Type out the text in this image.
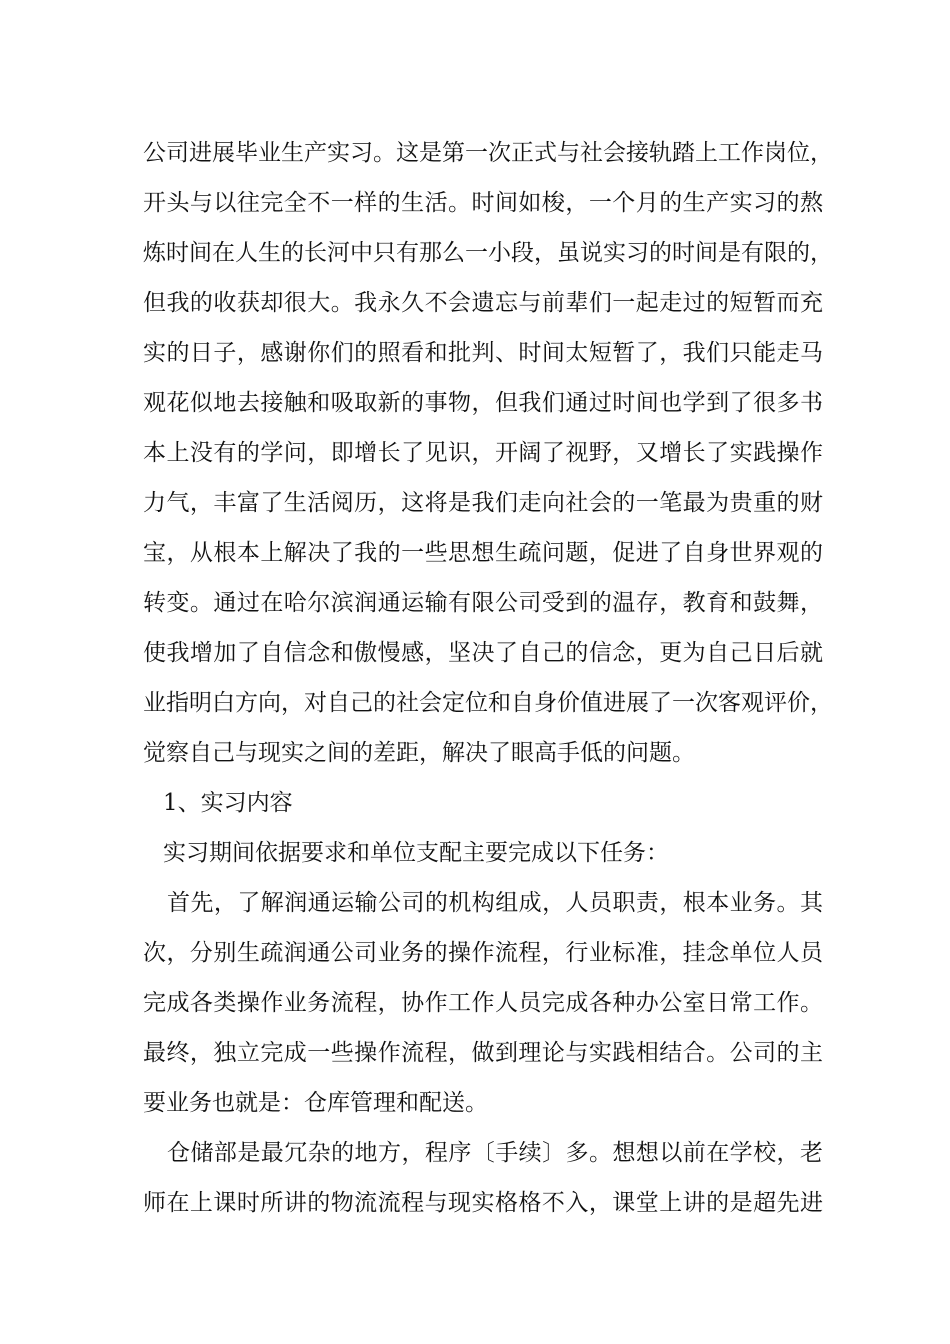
公司进展毕业生产实习。这是第一次正式与社会接轨踏上工作岗位，
开头与以往完全不一样的生活。时间如梭，一个月的生产实习的熬
炼时间在人生的长河中只有那么一小段，虽说实习的时间是有限的，
但我的收获却很大。我永久不会遗忘与前辈们一起走过的短暂而充
实的日子，感谢你们的照看和批判、时间太短暂了，我们只能走马
观花似地去接触和吸取新的事物，但我们通过时间也学到了很多书
本上没有的学问，即增长了见识，开阔了视野，又增长了实践操作
力气，丰富了生活阅历，这将是我们走向社会的一笔最为贵重的财
宝，从根本上解决了我的一些思想生疏问题，促进了自身世界观的
转变。通过在哈尔滨润通运输有限公司受到的温存，教育和鼓舞，
使我增加了自信念和傲慢感，坚决了自己的信念，更为自己日后就
业指明白方向，对自己的社会定位和自身价值进展了一次客观评价，
觉察自己与现实之间的差距，解决了眼高手低的问题。
1、实习内容
实习期间依据要求和单位支配主要完成以下任务：
首先，了解润通运输公司的机构组成，人员职责，根本业务。其
次，分别生疏润通公司业务的操作流程，行业标准，挂念单位人员
完成各类操作业务流程，协作工作人员完成各种办公室日常工作。
最终，独立完成一些操作流程，做到理论与实践相结合。公司的主
要业务也就是：仓库管理和配送。
仓储部是最冗杂的地方，程序〔手续〕多。想想以前在学校，老
师在上课时所讲的物流流程与现实格格不入，课堂上讲的是超先进
